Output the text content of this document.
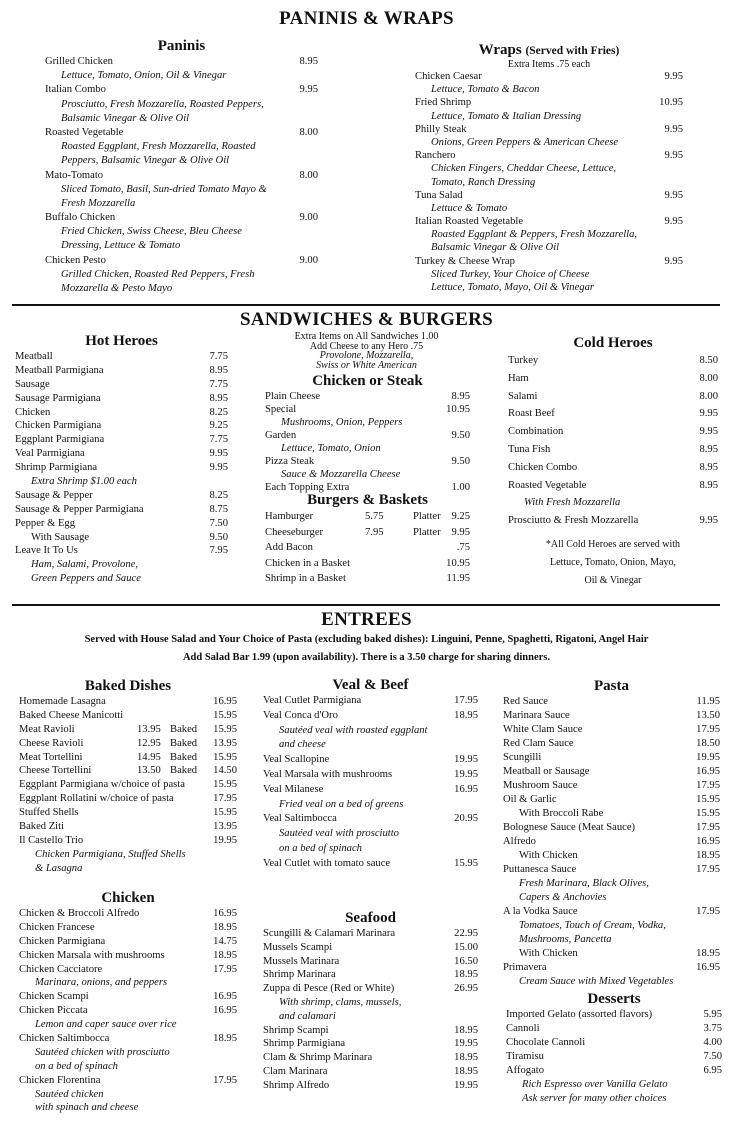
PANINIS & WRAPS
SANDWICHES & BURGERS
Extra Items on All Sandwiches 1.00
Add Cheese to any Hero .75
Provolone, Mozzarella,
Swiss or White American
ENTREES
Served with House Salad and Your Choice of Pasta (excluding baked dishes): Linguini, Penne, Spaghetti, Rigatoni, Angel Hair
Add Salad Bar 1.99 (upon availability). There is a 3.50 charge for sharing dinners.
Paninis
Grilled Chicken	8.95
Lettuce, Tomato, Onion, Oil & Vinegar
Italian Combo	9.95
Prosciutto, Fresh Mozzarella, Roasted Peppers,
Balsamic Vinegar & Olive Oil
Roasted Vegetable	8.00
Roasted Eggplant, Fresh Mozzarella, Roasted
Peppers, Balsamic Vinegar & Olive Oil
Mato-Tomato	8.00
Sliced Tomato, Basil, Sun-dried Tomato Mayo &
Fresh Mozzarella
Buffalo Chicken	9.00
Fried Chicken, Swiss Cheese, Bleu Cheese
Dressing, Lettuce & Tomato
Chicken Pesto	9.00
Grilled Chicken, Roasted Red Peppers, Fresh
Mozzarella & Pesto Mayo
Wraps (Served with Fries)
Extra Items .75 each
Chicken Caesar	9.95
Lettuce, Tomato & Bacon
Fried Shrimp	10.95
Lettuce, Tomato & Italian Dressing
Philly Steak	9.95
Onions, Green Peppers & American Cheese
Ranchero	9.95
Chicken Fingers, Cheddar Cheese, Lettuce,
Tomato, Ranch Dressing
Tuna Salad	9.95
Lettuce & Tomato
Italian Roasted Vegetable	9.95
Roasted Eggplant & Peppers, Fresh Mozzarella,
Balsamic Vinegar & Olive Oil
Turkey & Cheese Wrap	9.95
Sliced Turkey, Your Choice of Cheese
Lettuce, Tomato, Mayo, Oil & Vinegar
Hot Heroes
Meatball	7.75
Meatball Parmigiana	8.95
Sausage	7.75
Sausage Parmigiana	8.95
Chicken	8.25
Chicken Parmigiana	9.25
Eggplant Parmigiana	7.75
Veal Parmigiana	9.95
Shrimp Parmigiana	9.95
Extra Shrimp $1.00 each
Sausage & Pepper	8.25
Sausage & Pepper Parmigiana	8.75
Pepper & Egg	7.50
With Sausage	9.50
Leave It To Us	7.95
Ham, Salami, Provolone,
Green Peppers and Sauce
Chicken or Steak
Plain Cheese	8.95
Special	10.95
Mushrooms, Onion, Peppers
Garden	9.50
Lettuce, Tomato, Onion
Pizza Steak	9.50
Sauce & Mozzarella Cheese
Each Topping Extra	1.00
Burgers & Baskets
Hamburger	5.75	Platter 9.25
Cheeseburger	7.95	Platter 9.95
Add Bacon	.75
Chicken in a Basket	10.95
Shrimp in a Basket	11.95
Cold Heroes
Turkey	8.50
Ham	8.00
Salami	8.00
Roast Beef	9.95
Combination	9.95
Tuna Fish	8.95
Chicken Combo	8.95
Roasted Vegetable	8.95
With Fresh Mozzarella
Prosciutto & Fresh Mozzarella	9.95
*All Cold Heroes are served with
Lettuce, Tomato, Onion, Mayo,
Oil & Vinegar
Baked Dishes
Homemade Lasagna	16.95
Baked Cheese Manicotti	15.95
Meat Ravioli	13.95 Baked 15.95
Cheese Ravioli	12.95 Baked 13.95
Meat Tortellini	14.95 Baked 15.95
Cheese Tortellini	13.50 Baked 14.50
Eggplant Parmigiana w/choice of pasta	15.95
Eggplant Rollatini w/choice of pasta	17.95
Stuffed Shells	15.95
Baked Ziti	13.95
Il Castello Trio	19.95
Chicken Parmigiana, Stuffed Shells
& Lasagna
Chicken
Chicken & Broccoli Alfredo	16.95
Chicken Francese	18.95
Chicken Parmigiana	14.75
Chicken Marsala with mushrooms	18.95
Chicken Cacciatore	17.95
Marinara, onions, and peppers
Chicken Scampi	16.95
Chicken Piccata	16.95
Lemon and caper sauce over rice
Chicken Saltimbocca	18.95
Sautéed chicken with prosciutto
on a bed of spinach
Chicken Florentina	17.95
Sautéed chicken
with spinach and cheese
Veal & Beef
Veal Cutlet Parmigiana	17.95
Veal Conca d'Oro	18.95
Sautéed veal with roasted eggplant
and cheese
Veal Scallopine	19.95
Veal Marsala with mushrooms	19.95
Veal Milanese	16.95
Fried veal on a bed of greens
Veal Saltimbocca	20.95
Sautéed veal with prosciutto
on a bed of spinach
Veal Cutlet with tomato sauce	15.95
Seafood
Scungilli & Calamari Marinara	22.95
Mussels Scampi	15.00
Mussels Marinara	16.50
Shrimp Marinara	18.95
Zuppa di Pesce (Red or White)	26.95
With shrimp, clams, mussels,
and calamari
Shrimp Scampi	18.95
Shrimp Parmigiana	19.95
Clam & Shrimp Marinara	18.95
Clam Marinara	18.95
Shrimp Alfredo	19.95
Pasta
Red Sauce	11.95
Marinara Sauce	13.50
White Clam Sauce	17.95
Red Clam Sauce	18.50
Scungilli	19.95
Meatball or Sausage	16.95
Mushroom Sauce	17.95
Oil & Garlic	15.95
With Broccoli Rabe	15.95
Bolognese Sauce (Meat Sauce)	17.95
Alfredo	16.95
With Chicken	18.95
Puttanesca Sauce	17.95
Fresh Marinara, Black Olives,
Capers & Anchovies
A la Vodka Sauce	17.95
Tomatoes, Touch of Cream, Vodka,
Mushrooms, Pancetta
With Chicken	18.95
Primavera	16.95
Cream Sauce with Mixed Vegetables
Desserts
Imported Gelato (assorted flavors)	5.95
Cannoli	3.75
Chocolate Cannoli	4.00
Tiramisu	7.50
Affogato	6.95
Rich Espresso over Vanilla Gelato
Ask server for many other choices
